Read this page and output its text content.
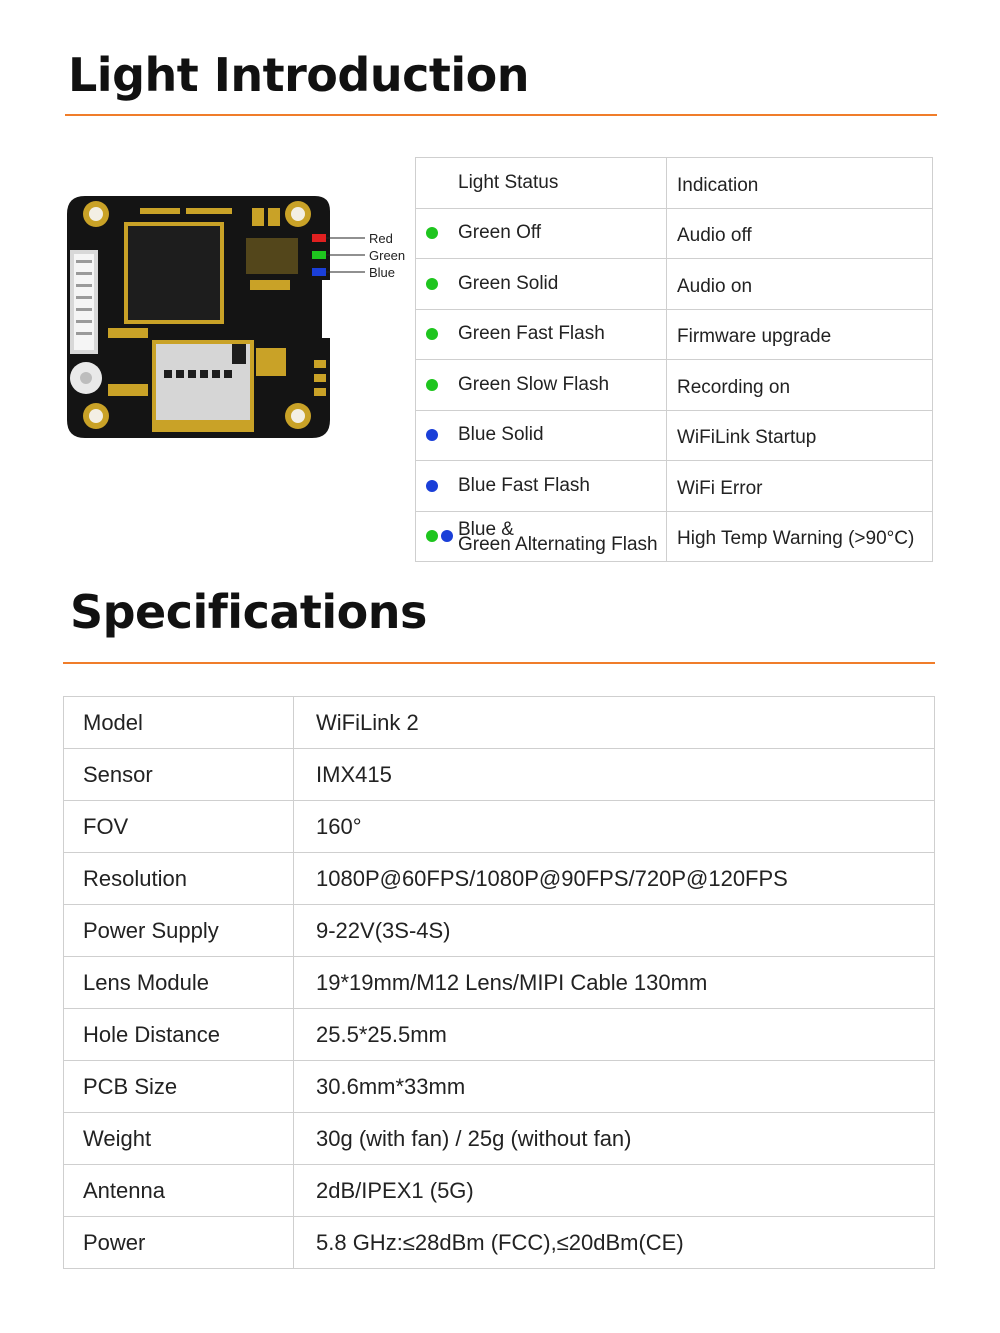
Light Introduction
Red
Green
Blue
Light Status	Indication

Green Off	Audio off

Green Solid	Audio on

Green Fast Flash	Firmware upgrade

Green Slow Flash	Recording on

Blue Solid	WiFiLink Startup

Blue Fast Flash	WiFi Error

Blue &
Green Alternating Flash	High Temp Warning (>90°C)
Specifications
Model	WiFiLink 2
Sensor	IMX415
FOV	160°
Resolution	1080P@60FPS/1080P@90FPS/720P@120FPS
Power Supply	9-22V(3S-4S)
Lens Module	19*19mm/M12 Lens/MIPI Cable 130mm
Hole Distance	25.5*25.5mm
PCB Size	30.6mm*33mm
Weight	30g (with fan) / 25g (without fan)
Antenna	2dB/IPEX1 (5G)
Power	5.8 GHz:≤28dBm (FCC),≤20dBm(CE)
